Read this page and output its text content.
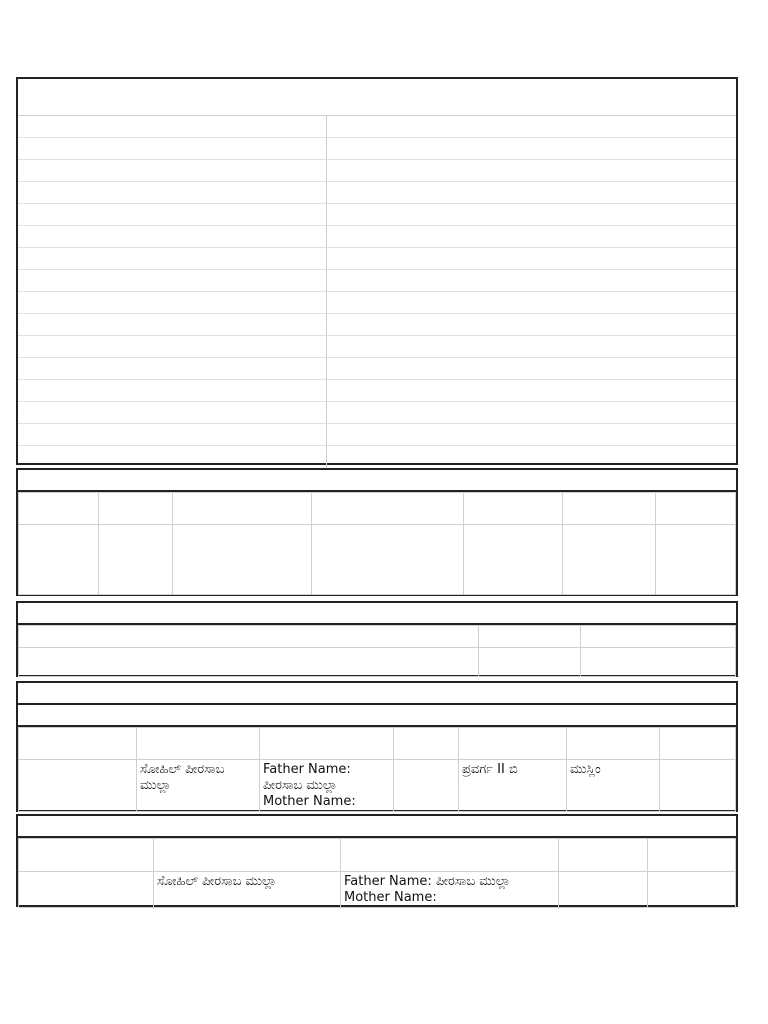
	ಸೋಹಿಲ್ ಪೀರಸಾಬ ಮುಲ್ಲಾ	Father Name:
ಪೀರಸಾಬ ಮುಲ್ಲಾ
Mother Name:		ಪ್ರವರ್ಗ II ಬಿ	ಮುಸ್ಲಿಂ	

	ಸೋಹಿಲ್ ಪೀರಸಾಬ ಮುಲ್ಲಾ	Father Name: ಪೀರಸಾಬ ಮುಲ್ಲಾ
Mother Name:		
